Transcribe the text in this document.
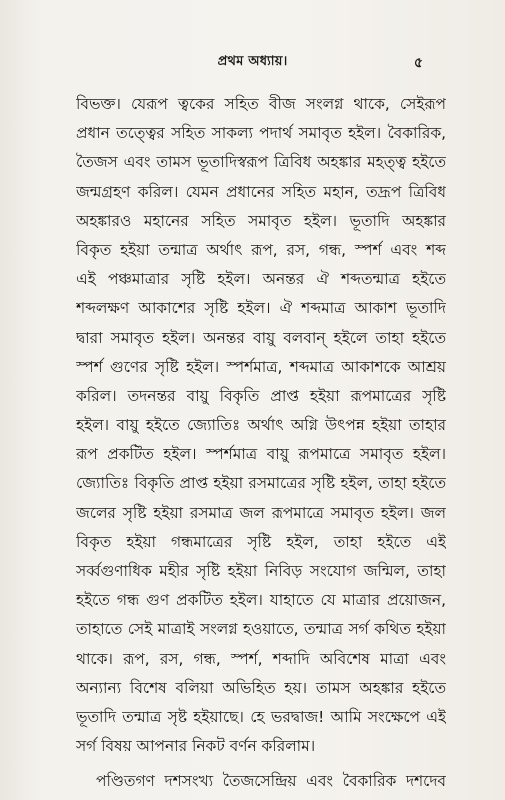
প্রথম অধ্যায়।	৫
বিভক্ত। যেরূপ ত্বকের সহিত বীজ সংলগ্ন থাকে, সেইরূপ
প্রধান তত্ত্বের সহিত সাকল্য পদার্থ সমাবৃত হইল। বৈকারিক,
তৈজস এবং তামস ভূতাদিস্বরূপ ত্রিবিধ অহঙ্কার মহত্ত্ব হইতে
জন্মগ্রহণ করিল। যেমন প্রধানের সহিত মহান, তদ্রূপ ত্রিবিধ
অহঙ্কারও মহানের সহিত সমাবৃত হইল। ভূতাদি অহঙ্কার
বিকৃত হইয়া তন্মাত্র অর্থাৎ রূপ, রস, গন্ধ, স্পর্শ এবং শব্দ
এই পঞ্চমাত্রার সৃষ্টি হইল। অনন্তর ঐ শব্দতন্মাত্র হইতে
শব্দলক্ষণ আকাশের সৃষ্টি হইল। ঐ শব্দমাত্র আকাশ ভূতাদি
দ্বারা সমাবৃত হইল। অনন্তর বায়ু বলবান্ হইলে তাহা হইতে
স্পর্শ গুণের সৃষ্টি হইল। স্পর্শমাত্র, শব্দমাত্র আকাশকে আশ্রয়
করিল। তদনন্তর বায়ু বিকৃতি প্রাপ্ত হইয়া রূপমাত্রের সৃষ্টি
হইল। বায়ু হইতে জ্যোতিঃ অর্থাৎ অগ্নি উৎপন্ন হইয়া তাহার
রূপ প্রকটিত হইল। স্পর্শমাত্র বায়ু রূপমাত্রে সমাবৃত হইল।
জ্যোতিঃ বিকৃতি প্রাপ্ত হইয়া রসমাত্রের সৃষ্টি হইল, তাহা হইতে
জলের সৃষ্টি হইয়া রসমাত্র জল রূপমাত্রে সমাবৃত হইল। জল
বিকৃত হইয়া গন্ধমাত্রের সৃষ্টি হইল, তাহা হইতে এই
সর্ব্বগুণাধিক মহীর সৃষ্টি হইয়া নিবিড় সংযোগ জন্মিল, তাহা
হইতে গন্ধ গুণ প্রকটিত হইল। যাহাতে যে মাত্রার প্রয়োজন,
তাহাতে সেই মাত্রাই সংলগ্ন হওয়াতে, তন্মাত্র সর্গ কথিত হইয়া
থাকে। রূপ, রস, গন্ধ, স্পর্শ, শব্দাদি অবিশেষ মাত্রা এবং
অন্যান্য বিশেষ বলিয়া অভিহিত হয়। তামস অহঙ্কার হইতে
ভূতাদি তন্মাত্র সৃষ্ট হইয়াছে। হে ভরদ্বাজ! আমি সংক্ষেপে এই
সর্গ বিষয় আপনার নিকট বর্ণন করিলাম।
পণ্ডিতগণ দশসংখ্য তৈজসেন্দ্রিয় এবং বৈকারিক দশদেব
